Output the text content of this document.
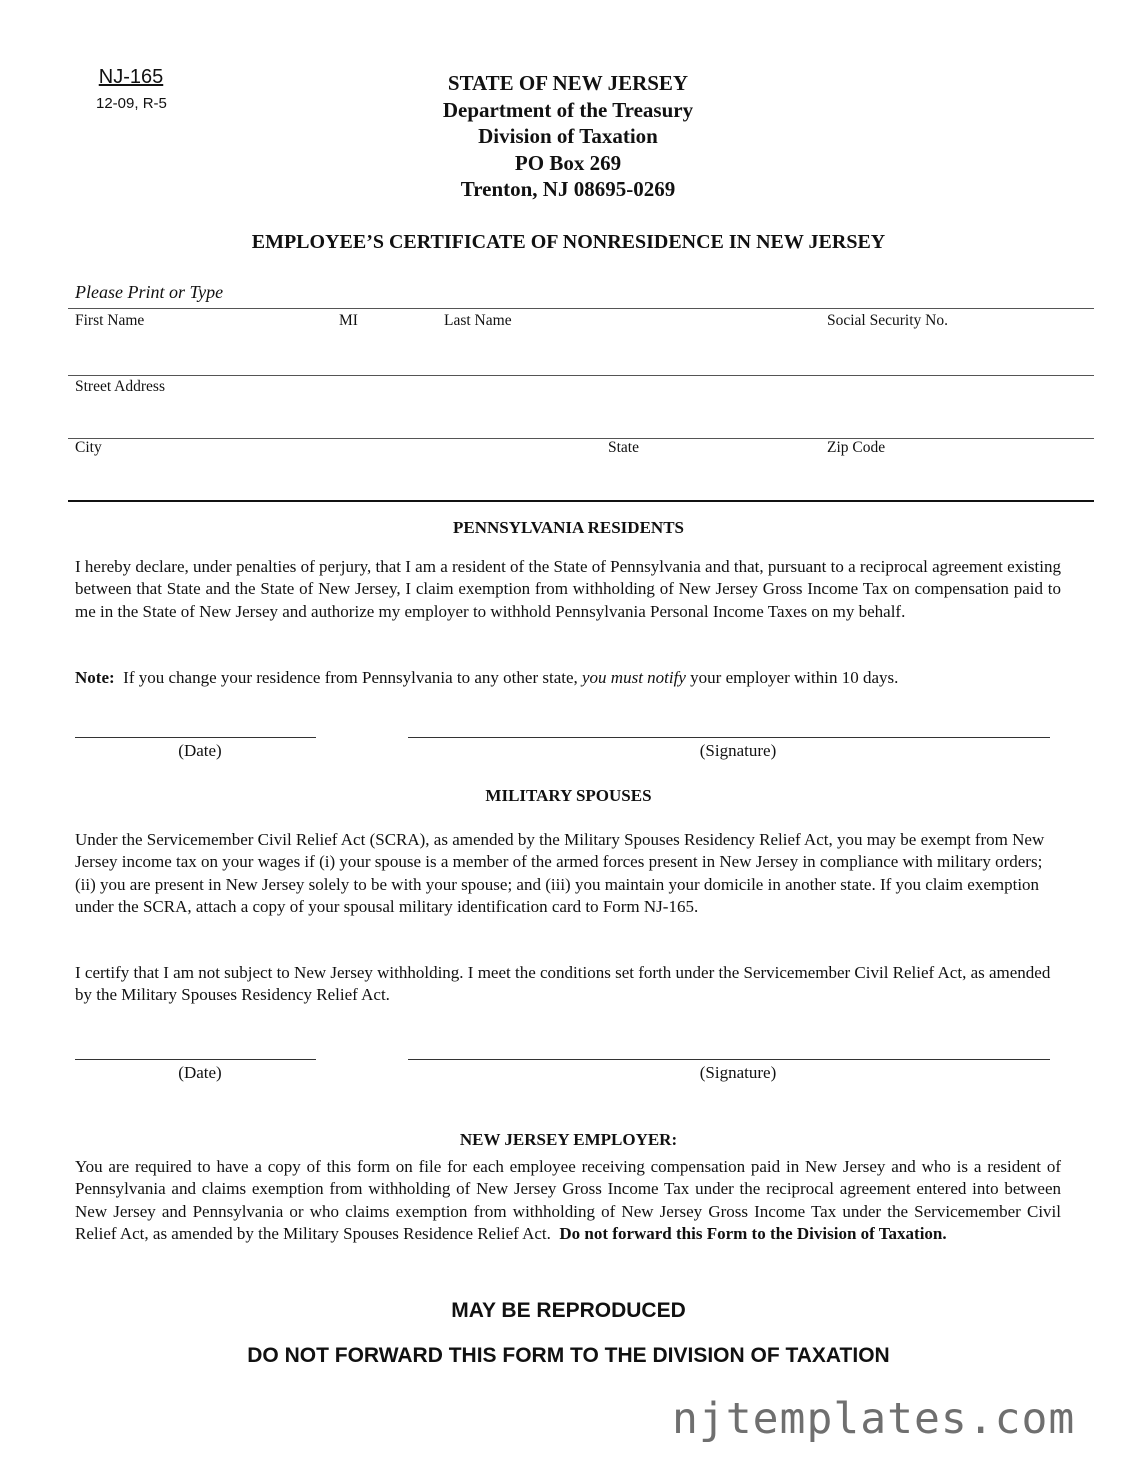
NJ-165
12-09, R-5
STATE OF NEW JERSEY
Department of the Treasury
Division of Taxation
PO Box 269
Trenton, NJ 08695-0269
EMPLOYEE’S CERTIFICATE OF NONRESIDENCE IN NEW JERSEY
Please Print or Type
First Name	MI	Last Name	Social Security No.
Street Address
City	State	Zip Code
PENNSYLVANIA RESIDENTS
I hereby declare, under penalties of perjury, that I am a resident of the State of Pennsylvania and that, pursuant to a reciprocal agreement existing between that State and the State of New Jersey, I claim exemption from withholding of New Jersey Gross Income Tax on compensation paid to me in the State of New Jersey and authorize my employer to withhold Pennsylvania Personal Income Taxes on my behalf.
Note: If you change your residence from Pennsylvania to any other state, you must notify your employer within 10 days.
(Date)	(Signature)
MILITARY SPOUSES
Under the Servicemember Civil Relief Act (SCRA), as amended by the Military Spouses Residency Relief Act, you may be exempt from New Jersey income tax on your wages if (i) your spouse is a member of the armed forces present in New Jersey in compliance with military orders; (ii) you are present in New Jersey solely to be with your spouse; and (iii) you maintain your domicile in another state. If you claim exemption under the SCRA, attach a copy of your spousal military identification card to Form NJ-165.
I certify that I am not subject to New Jersey withholding. I meet the conditions set forth under the Servicemember Civil Relief Act, as amended by the Military Spouses Residency Relief Act.
(Date)	(Signature)
NEW JERSEY EMPLOYER:
You are required to have a copy of this form on file for each employee receiving compensation paid in New Jersey and who is a resident of Pennsylvania and claims exemption from withholding of New Jersey Gross Income Tax under the reciprocal agreement entered into between New Jersey and Pennsylvania or who claims exemption from withholding of New Jersey Gross Income Tax under the Servicemember Civil Relief Act, as amended by the Military Spouses Residence Relief Act. Do not forward this Form to the Division of Taxation.
MAY BE REPRODUCED
DO NOT FORWARD THIS FORM TO THE DIVISION OF TAXATION
njtemplates.com
